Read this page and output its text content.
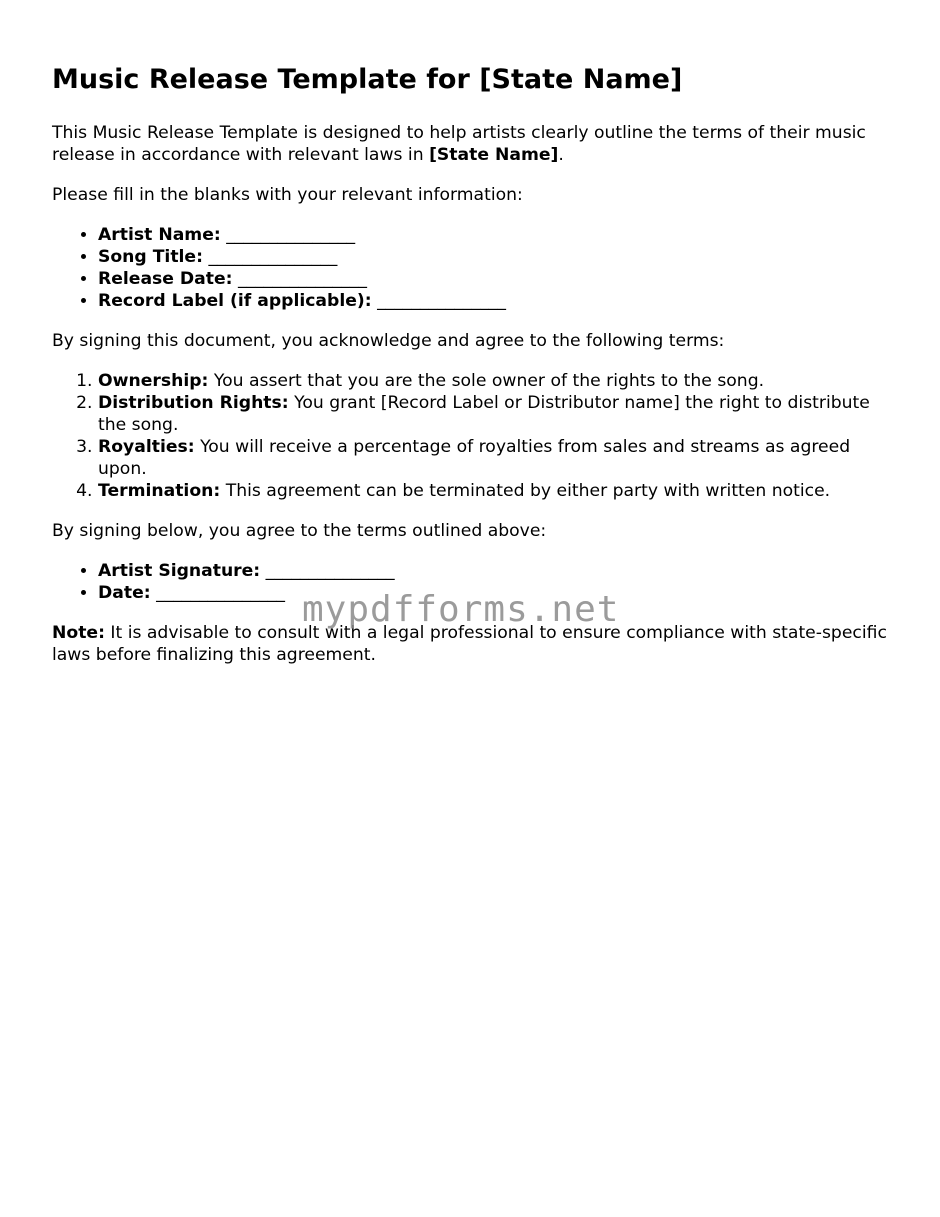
Music Release Template for [State Name]

This Music Release Template is designed to help artists clearly outline the terms of their music release in accordance with relevant laws in [State Name].

Please fill in the blanks with your relevant information:

• Artist Name: _______________
• Song Title: _______________
• Release Date: _______________
• Record Label (if applicable): _______________

By signing this document, you acknowledge and agree to the following terms:

1. Ownership: You assert that you are the sole owner of the rights to the song.
2. Distribution Rights: You grant [Record Label or Distributor name] the right to distribute the song.
3. Royalties: You will receive a percentage of royalties from sales and streams as agreed upon.
4. Termination: This agreement can be terminated by either party with written notice.

By signing below, you agree to the terms outlined above:

• Artist Signature: _______________
• Date: _______________

Note: It is advisable to consult with a legal professional to ensure compliance with state-specific laws before finalizing this agreement.

mypdfforms.net
